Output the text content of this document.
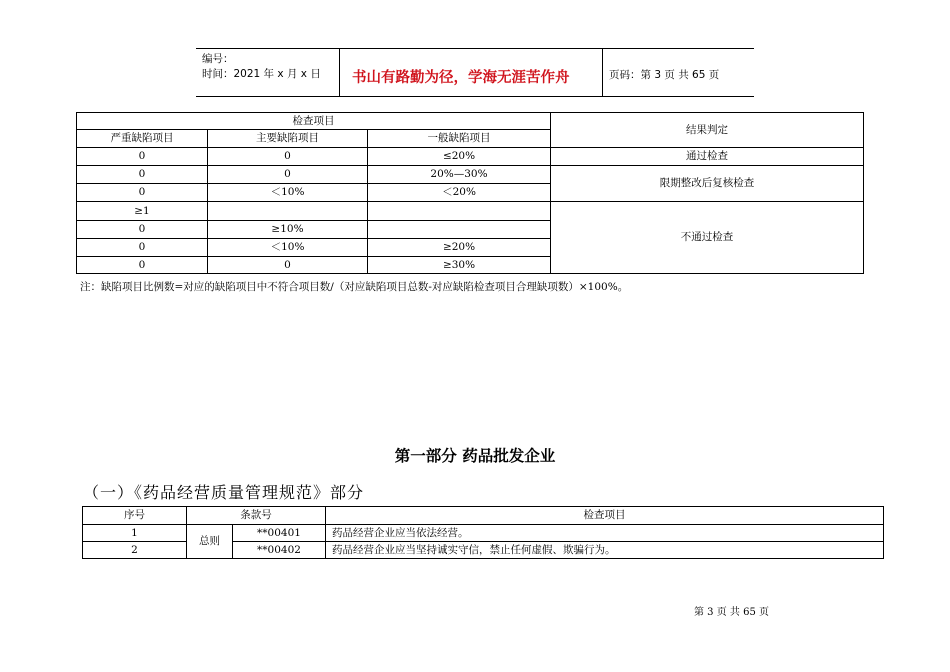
编号：
时间：2021 年 x 月 x 日 书山有路勤为径，学海无涯苦作舟	页码：第 3 页 共 65 页
检查项目			结果判定
严重缺陷项目	主要缺陷项目	一般缺陷项目	
0	0	≤20%	通过检查
0	0	20%—30%	限期整改后复核检查
0	＜10%	＜20%	
≥1			不通过检查
0	≥10%		
0	＜10%	≥20%	
0	0	≥30%	
注：缺陷项目比例数=对应的缺陷项目中不符合项目数/（对应缺陷项目总数-对应缺陷检查项目合理缺项数）×100%。
第一部分 药品批发企业
（一）《药品经营质量管理规范》部分
序号	条款号		检查项目
1	总则	**00401	药品经营企业应当依法经营。
2		**00402	药品经营企业应当坚持诚实守信，禁止任何虚假、欺骗行为。
第 3 页 共 65 页
